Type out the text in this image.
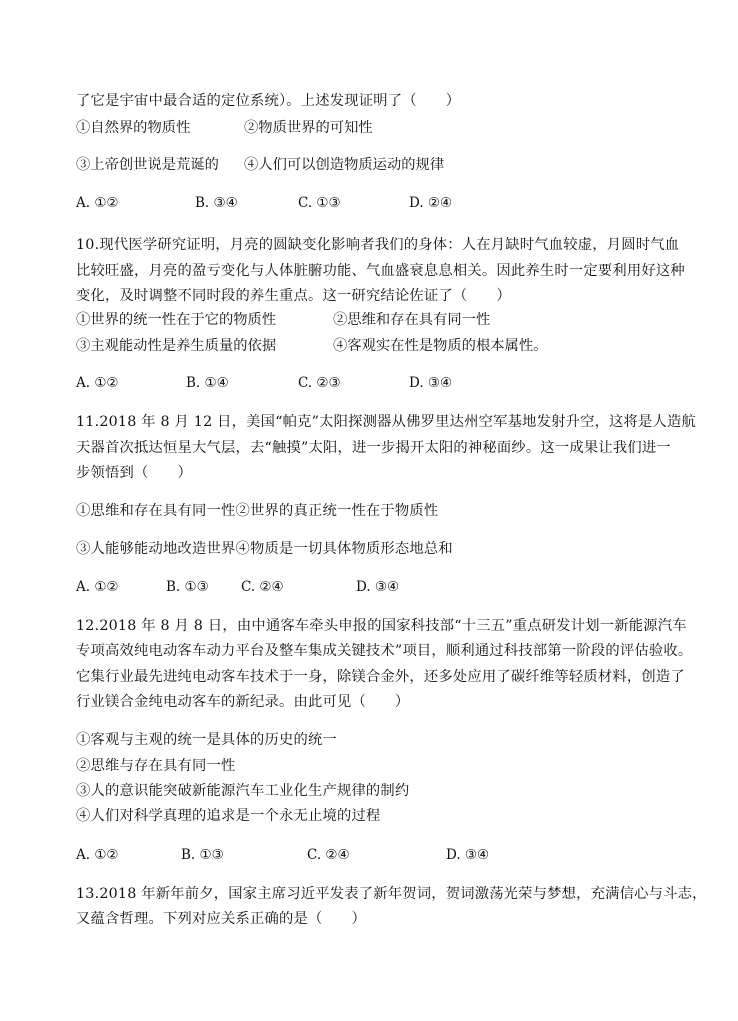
了它是宇宙中最合适的定位系统）。上述发现证明了（　　）
①自然界的物质性	②物质世界的可知性
③上帝创世说是荒诞的 ④人们可以创造物质运动的规律
A. ①②	B. ③④	C. ①③	D. ②④
10.现代医学研究证明，月亮的圆缺变化影响者我们的身体：人在月缺时气血较虚，月圆时气血
比较旺盛，月亮的盈亏变化与人体脏腑功能、气血盛衰息息相关。因此养生时一定要利用好这种
变化，及时调整不同时段的养生重点。这一研究结论佐证了（　　）
①世界的统一性在于它的物质性	②思维和存在具有同一性
③主观能动性是养生质量的依据	④客观实在性是物质的根本属性。
A. ①②	B. ①④	C. ②③	D. ③④
11.2018 年 8 月 12 日，美国“帕克”太阳探测器从佛罗里达州空军基地发射升空，这将是人造航
天器首次抵达恒星大气层，去“触摸”太阳，进一步揭开太阳的神秘面纱。这一成果让我们进一
步领悟到（　　）
①思维和存在具有同一性②世界的真正统一性在于物质性
③人能够能动地改造世界④物质是一切具体物质形态地总和
A. ①②	B. ①③ C. ②④	D. ③④
12.2018 年 8 月 8 日，由中通客车牵头申报的国家科技部“十三五”重点研发计划一新能源汽车
专项高效纯电动客车动力平台及整车集成关键技术”项目，顺利通过科技部第一阶段的评估验收。
它集行业最先进纯电动客车技术于一身，除镁合金外，还多处应用了碳纤维等轻质材料，创造了
行业镁合金纯电动客车的新纪录。由此可见（　　）
①客观与主观的统一是具体的历史的统一
②思维与存在具有同一性
③人的意识能突破新能源汽车工业化生产规律的制约
④人们对科学真理的追求是一个永无止境的过程
A. ①②	B. ①③	C. ②④	D. ③④
13.2018 年新年前夕，国家主席习近平发表了新年贺词，贺词激荡光荣与梦想，充满信心与斗志，
又蕴含哲理。下列对应关系正确的是（　　）
